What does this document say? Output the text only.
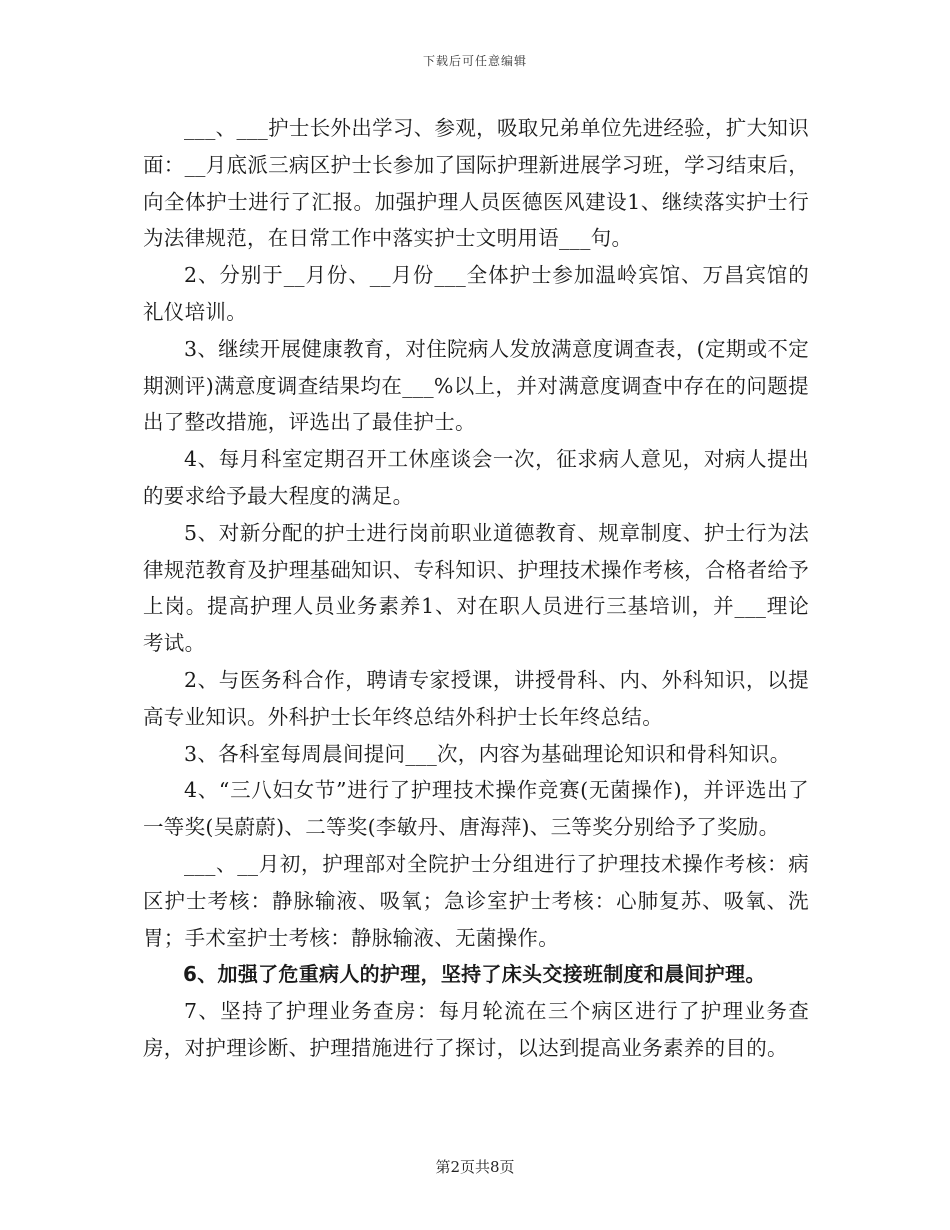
下载后可任意编辑

___、___护士长外出学习、参观，吸取兄弟单位先进经验，扩大知识面：__月底派三病区护士长参加了国际护理新进展学习班，学习结束后，向全体护士进行了汇报。加强护理人员医德医风建设1、继续落实护士行为法律规范，在日常工作中落实护士文明用语___句。

2、分别于__月份、__月份___全体护士参加温岭宾馆、万昌宾馆的礼仪培训。

3、继续开展健康教育，对住院病人发放满意度调查表，(定期或不定期测评)满意度调查结果均在___%以上，并对满意度调查中存在的问题提出了整改措施，评选出了最佳护士。

4、每月科室定期召开工休座谈会一次，征求病人意见，对病人提出的要求给予最大程度的满足。

5、对新分配的护士进行岗前职业道德教育、规章制度、护士行为法律规范教育及护理基础知识、专科知识、护理技术操作考核，合格者给予上岗。提高护理人员业务素养1、对在职人员进行三基培训，并___理论考试。

2、与医务科合作，聘请专家授课，讲授骨科、内、外科知识，以提高专业知识。外科护士长年终总结外科护士长年终总结。

3、各科室每周晨间提问___次，内容为基础理论知识和骨科知识。

4、“三八妇女节”进行了护理技术操作竞赛(无菌操作)，并评选出了一等奖(吴蔚蔚)、二等奖(李敏丹、唐海萍)、三等奖分别给予了奖励。

___、__月初，护理部对全院护士分组进行了护理技术操作考核：病区护士考核：静脉输液、吸氧；急诊室护士考核：心肺复苏、吸氧、洗胃；手术室护士考核：静脉输液、无菌操作。

6、加强了危重病人的护理，坚持了床头交接班制度和晨间护理。

7、坚持了护理业务查房：每月轮流在三个病区进行了护理业务查房，对护理诊断、护理措施进行了探讨，以达到提高业务素养的目的。

第2页共8页
